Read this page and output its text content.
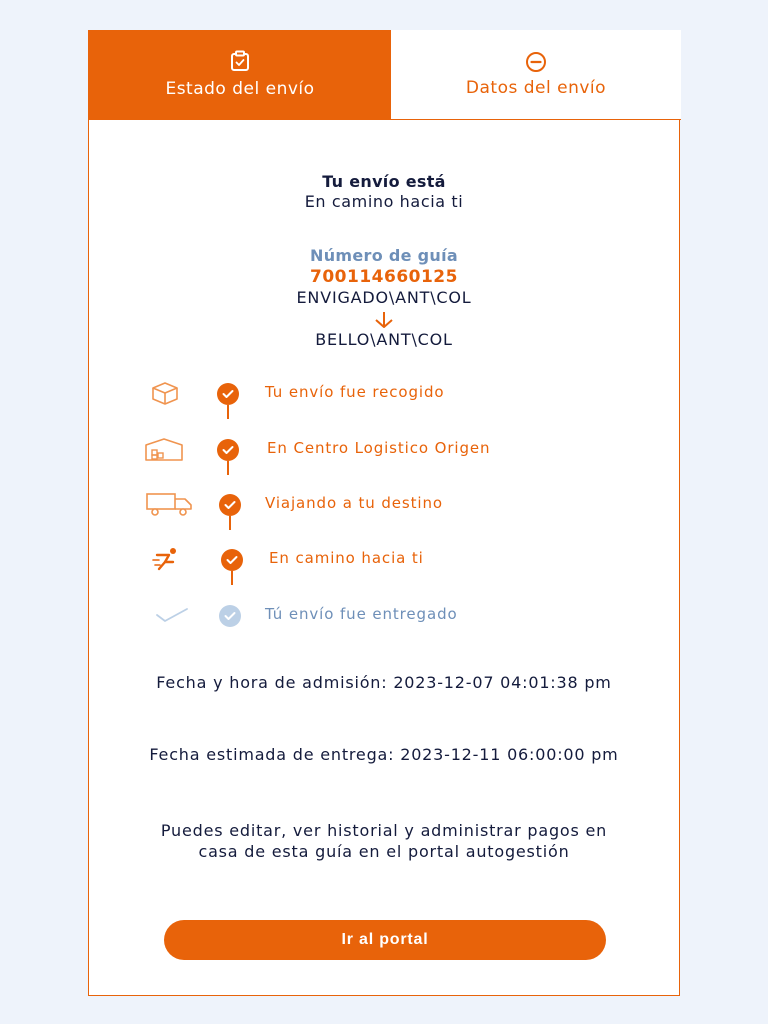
Estado del envío	Datos del envío
Tu envío está
En camino hacia ti
Número de guía
700114660125
ENVIGADO\ANT\COL
BELLO\ANT\COL
Tu envío fue recogido
En Centro Logistico Origen
Viajando a tu destino
En camino hacia ti
Tú envío fue entregado
Fecha y hora de admisión: 2023-12-07 04:01:38 pm
Fecha estimada de entrega: 2023-12-11 06:00:00 pm
Puedes editar, ver historial y administrar pagos en casa de esta guía en el portal autogestión
Ir al portal
